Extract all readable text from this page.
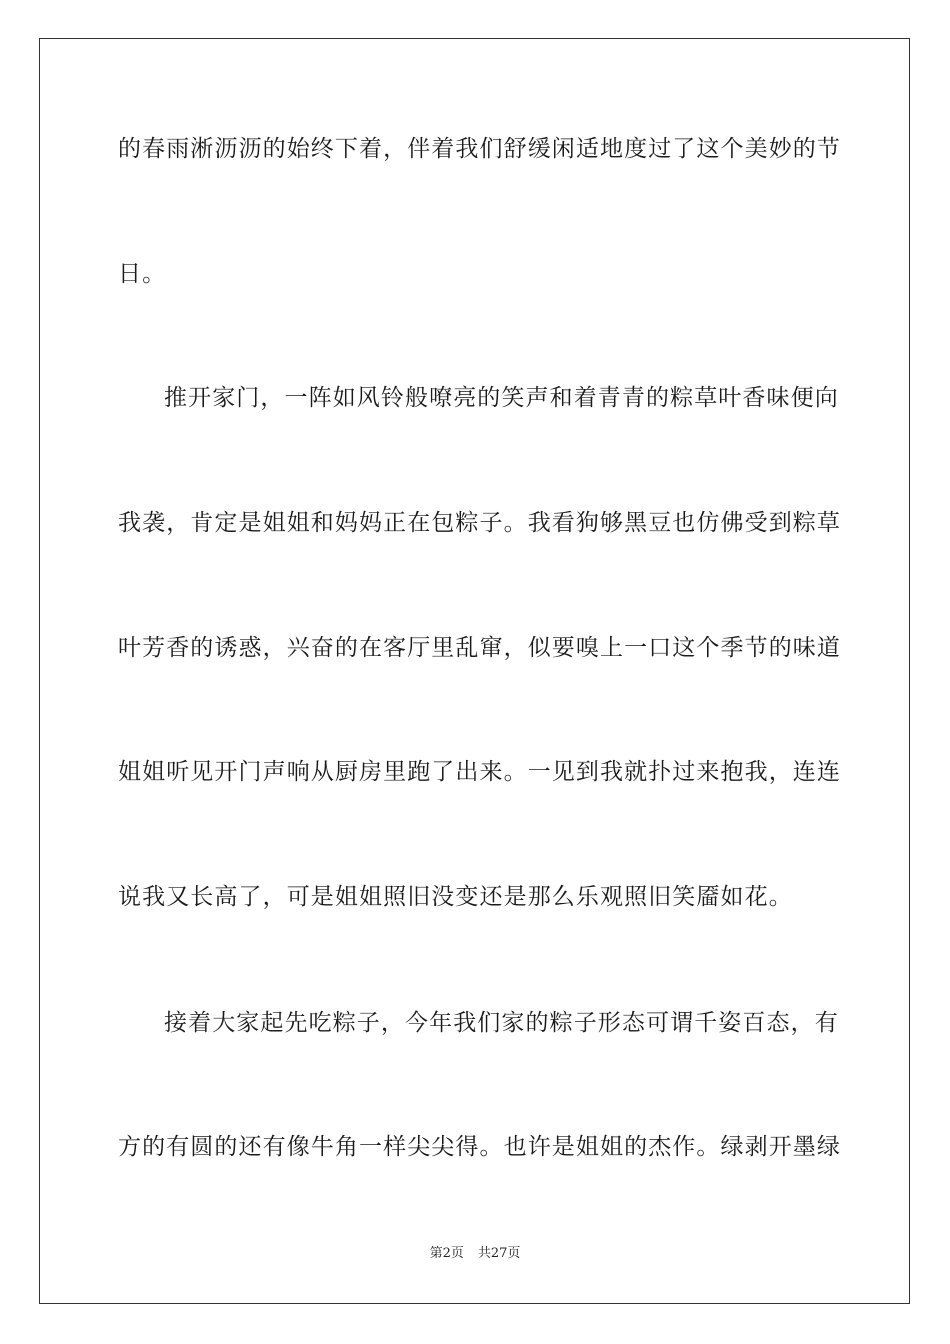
的春雨淅沥沥的始终下着，伴着我们舒缓闲适地度过了这个美妙的节
日。
推开家门，一阵如风铃般嘹亮的笑声和着青青的粽草叶香味便向
我袭，肯定是姐姐和妈妈正在包粽子。我看狗够黑豆也仿佛受到粽草
叶芳香的诱惑，兴奋的在客厅里乱窜，似要嗅上一口这个季节的味道
姐姐听见开门声响从厨房里跑了出来。一见到我就扑过来抱我，连连
说我又长高了，可是姐姐照旧没变还是那么乐观照旧笑靥如花。
接着大家起先吃粽子，今年我们家的粽子形态可谓千姿百态，有
方的有圆的还有像牛角一样尖尖得。也许是姐姐的杰作。绿剥开墨绿
第2页 共27页
